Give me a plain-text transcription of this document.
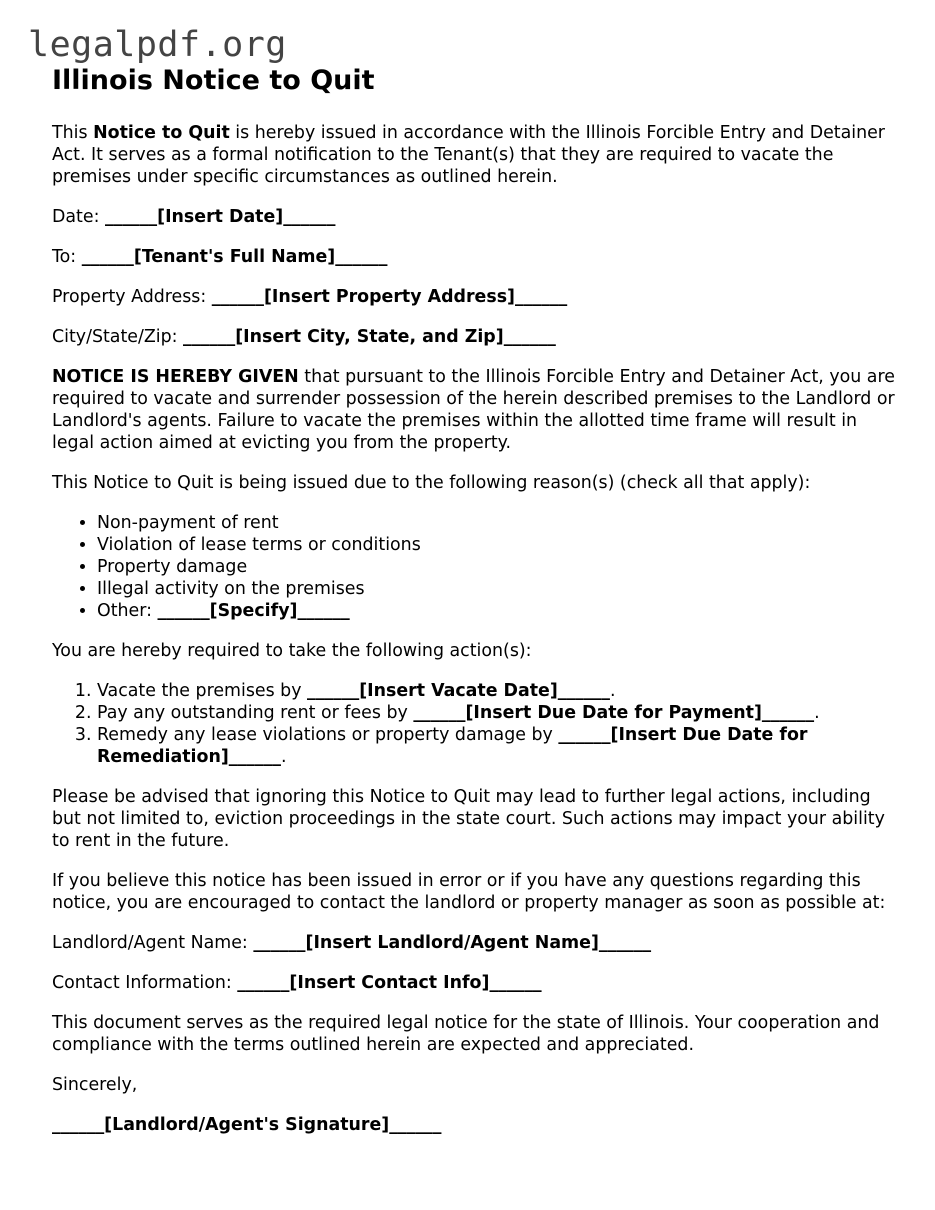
legalpdf.org
Illinois Notice to Quit

This Notice to Quit is hereby issued in accordance with the Illinois Forcible Entry and Detainer Act. It serves as a formal notification to the Tenant(s) that they are required to vacate the premises under specific circumstances as outlined herein.

Date: ______[Insert Date]______

To: ______[Tenant's Full Name]______

Property Address: ______[Insert Property Address]______

City/State/Zip: ______[Insert City, State, and Zip]______

NOTICE IS HEREBY GIVEN that pursuant to the Illinois Forcible Entry and Detainer Act, you are required to vacate and surrender possession of the herein described premises to the Landlord or Landlord's agents. Failure to vacate the premises within the allotted time frame will result in legal action aimed at evicting you from the property.

This Notice to Quit is being issued due to the following reason(s) (check all that apply):

• Non-payment of rent
• Violation of lease terms or conditions
• Property damage
• Illegal activity on the premises
• Other: ______[Specify]______

You are hereby required to take the following action(s):

1. Vacate the premises by ______[Insert Vacate Date]______.
2. Pay any outstanding rent or fees by ______[Insert Due Date for Payment]______.
3. Remedy any lease violations or property damage by ______[Insert Due Date for Remediation]______.

Please be advised that ignoring this Notice to Quit may lead to further legal actions, including but not limited to, eviction proceedings in the state court. Such actions may impact your ability to rent in the future.

If you believe this notice has been issued in error or if you have any questions regarding this notice, you are encouraged to contact the landlord or property manager as soon as possible at:

Landlord/Agent Name: ______[Insert Landlord/Agent Name]______

Contact Information: ______[Insert Contact Info]______

This document serves as the required legal notice for the state of Illinois. Your cooperation and compliance with the terms outlined herein are expected and appreciated.

Sincerely,

______[Landlord/Agent's Signature]______
